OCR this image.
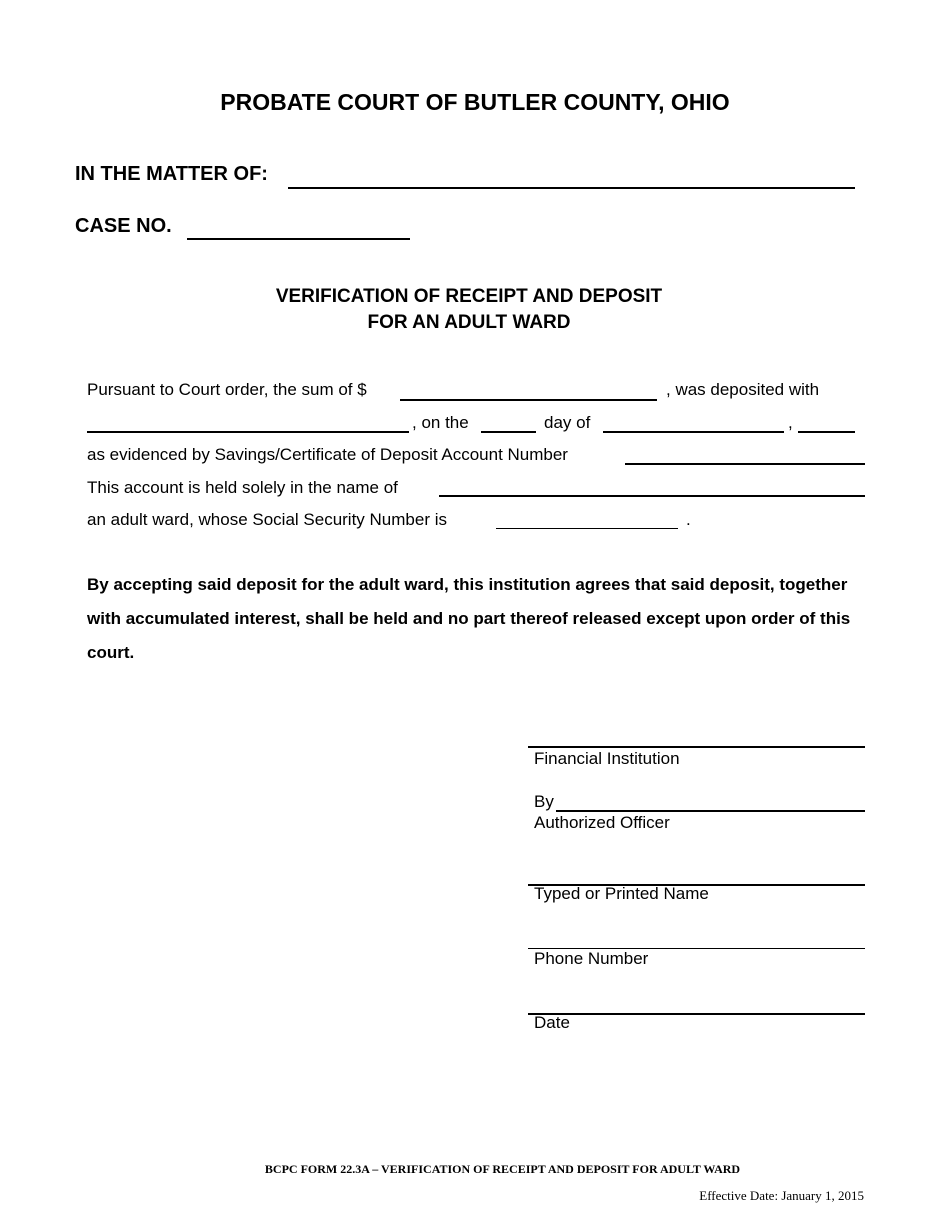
PROBATE COURT OF BUTLER COUNTY, OHIO
IN THE MATTER OF:
CASE NO.
VERIFICATION OF RECEIPT AND DEPOSIT
FOR AN ADULT WARD
Pursuant to Court order, the sum of $	, was deposited with
, on the	day of	,
as evidenced by Savings/Certificate of Deposit Account Number
This account is held solely in the name of
an adult ward, whose Social Security Number is	.
By accepting said deposit for the adult ward, this institution agrees that said deposit, together with accumulated interest, shall be held and no part thereof released except upon order of this court.
Financial Institution
By
Authorized Officer
Typed or Printed Name
Phone Number
Date
BCPC FORM 22.3A – VERIFICATION OF RECEIPT AND DEPOSIT FOR ADULT WARD
Effective Date: January 1, 2015
